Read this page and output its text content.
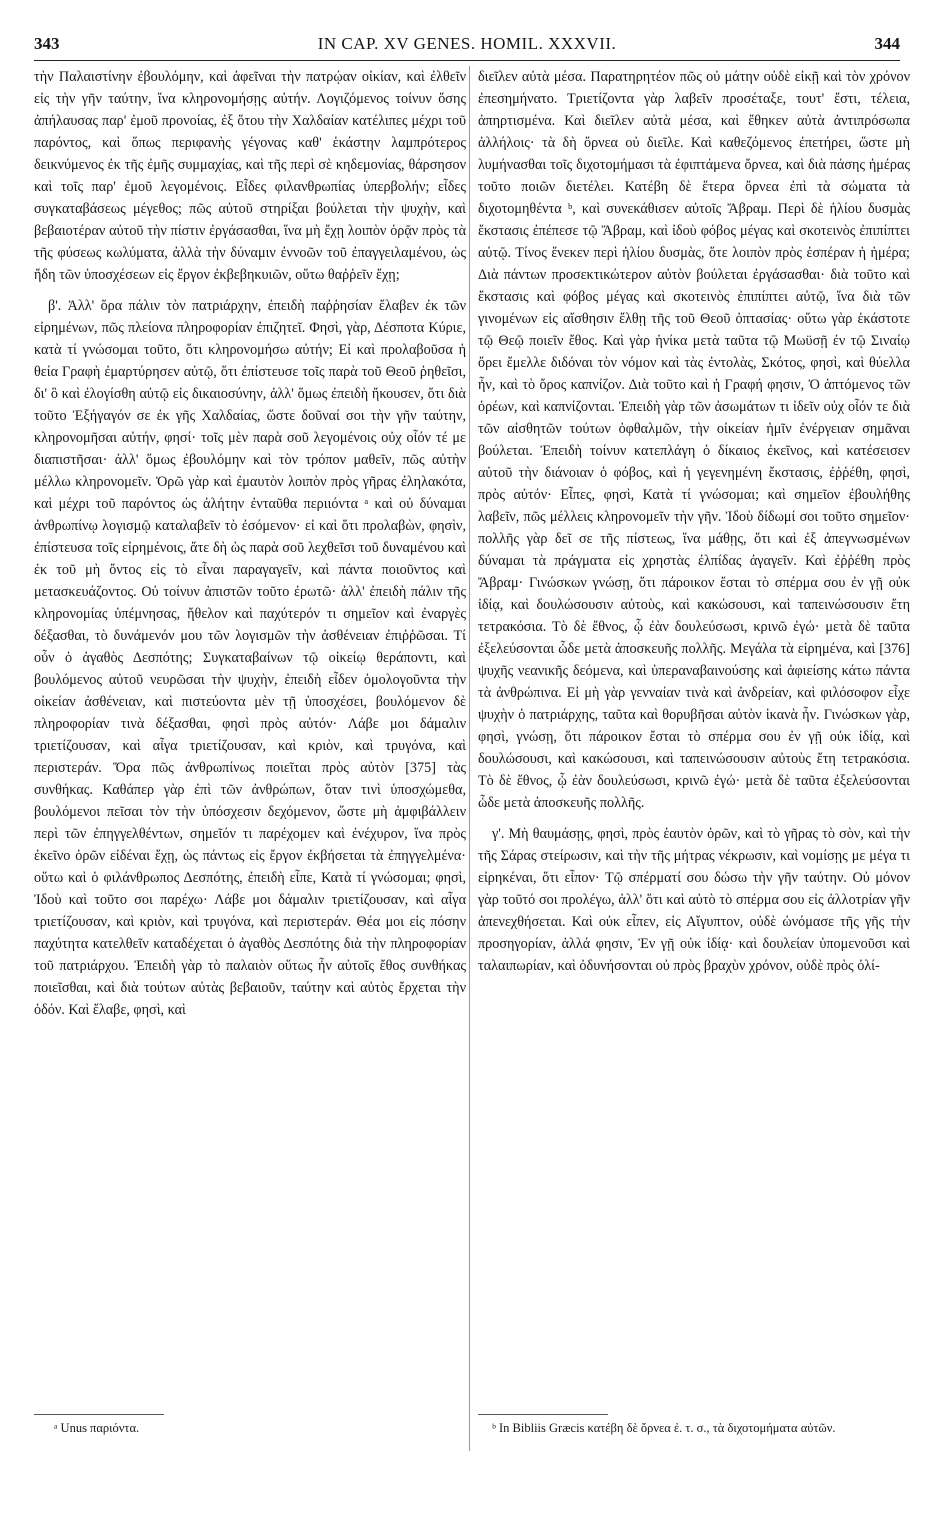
343	IN CAP. XV GENES. HOMIL. XXXVII.	344

τὴν Παλαιστίνην ἐβουλόμην, καὶ ἀφεῖναι τὴν πατρῴαν οἰκίαν, καὶ ἐλθεῖν εἰς τὴν γῆν ταύτην, ἵνα κληρονομήσῃς αὐτήν. Λογιζόμενος τοίνυν ὅσης ἀπήλαυσας παρ' ἐμοῦ προνοίας, ἐξ ὅτου τὴν Χαλδαίαν κατέλιπες μέχρι τοῦ παρόντος, καὶ ὅπως περιφανὴς γέγονας καθ' ἑκάστην λαμπρότερος δεικνύμενος ἐκ τῆς ἐμῆς συμμαχίας, καὶ τῆς περὶ σὲ κηδεμονίας, θάρσησον καὶ τοῖς παρ' ἐμοῦ λεγομένοις. Εἶδες φιλανθρωπίας ὑπερβολήν; εἶδες συγκαταβάσεως μέγεθος; πῶς αὐτοῦ στηρίξαι βούλεται τὴν ψυχὴν, καὶ βεβαιοτέραν αὐτοῦ τὴν πίστιν ἐργάσασθαι, ἵνα μὴ ἔχῃ λοιπὸν ὁρᾷν πρὸς τὰ τῆς φύσεως κωλύματα, ἀλλὰ τὴν δύναμιν ἐννοῶν τοῦ ἐπαγγειλαμένου, ὡς ἤδη τῶν ὑποσχέσεων εἰς ἔργον ἐκβεβηκυιῶν, οὕτω θαῤῥεῖν ἔχῃ;

β'. Ἀλλ' ὅρα πάλιν τὸν πατριάρχην, ἐπειδὴ παῤῥησίαν ἔλαβεν ἐκ τῶν εἰρημένων, πῶς πλείονα πληροφορίαν ἐπιζητεῖ. Φησὶ, γὰρ, Δέσποτα Κύριε, κατὰ τί γνώσομαι τοῦτο, ὅτι κληρονομήσω αὐτήν; Εἰ καὶ προλαβοῦσα ἡ θεία Γραφὴ ἐμαρτύρησεν αὐτῷ, ὅτι ἐπίστευσε τοῖς παρὰ τοῦ Θεοῦ ῥηθεῖσι, δι' ὃ καὶ ἐλογίσθη αὐτῷ εἰς δικαιοσύνην, ἀλλ' ὅμως ἐπειδὴ ἤκουσεν, ὅτι διὰ τοῦτο Ἐξήγαγόν σε ἐκ γῆς Χαλδαίας, ὥστε δοῦναί σοι τὴν γῆν ταύτην, κληρονομῆσαι αὐτήν, φησί· τοῖς μὲν παρὰ σοῦ λεγομένοις οὐχ οἷόν τέ με διαπιστῆσαι· ἀλλ' ὅμως ἐβουλόμην καὶ τὸν τρόπον μαθεῖν, πῶς αὐτὴν μέλλω κληρονομεῖν. Ὁρῶ γὰρ καὶ ἐμαυτὸν λοιπὸν πρὸς γῆρας ἐληλακότα, καὶ μέχρι τοῦ παρόντος ὡς ἀλήτην ἐνταῦθα περιιόντα ᵃ καὶ οὐ δύναμαι ἀνθρωπίνῳ λογισμῷ καταλαβεῖν τὸ ἐσόμενον· εἰ καὶ ὅτι προλαβὼν, φησὶν, ἐπίστευσα τοῖς εἰρημένοις, ἅτε δὴ ὡς παρὰ σοῦ λεχθεῖσι τοῦ δυναμένου καὶ ἐκ τοῦ μὴ ὄντος εἰς τὸ εἶναι παραγαγεῖν, καὶ πάντα ποιοῦντος καὶ μετασκευάζοντος. Οὐ τοίνυν ἀπιστῶν τοῦτο ἐρωτῶ· ἀλλ' ἐπειδὴ πάλιν τῆς κληρονομίας ὑπέμνησας, ἤθελον καὶ παχύτερόν τι σημεῖον καὶ ἐναργὲς δέξασθαι, τὸ δυνάμενόν μου τῶν λογισμῶν τὴν ἀσθένειαν ἐπιῤῥῶσαι. Τί οὖν ὁ ἀγαθὸς Δεσπότης; Συγκαταβαίνων τῷ οἰκείῳ θεράποντι, καὶ βουλόμενος αὐτοῦ νευρῶσαι τὴν ψυχὴν, ἐπειδὴ εἶδεν ὁμολογοῦντα τὴν οἰκείαν ἀσθένειαν, καὶ πιστεύοντα μὲν τῇ ὑποσχέσει, βουλόμενον δὲ πληροφορίαν τινὰ δέξασθαι, φησὶ πρὸς αὐτόν· Λάβε μοι δάμαλιν τριετίζουσαν, καὶ αἶγα τριετίζουσαν, καὶ κριὸν, καὶ τρυγόνα, καὶ περιστεράν. Ὅρα πῶς ἀνθρωπίνως ποιεῖται πρὸς αὐτὸν [375] τὰς συνθήκας. Καθάπερ γὰρ ἐπὶ τῶν ἀνθρώπων, ὅταν τινὶ ὑποσχώμεθα, βουλόμενοι πεῖσαι τὸν τὴν ὑπόσχεσιν δεχόμενον, ὥστε μὴ ἀμφιβάλλειν περὶ τῶν ἐπηγγελθέντων, σημεῖόν τι παρέχομεν καὶ ἐνέχυρον, ἵνα πρὸς ἐκεῖνο ὁρῶν εἰδέναι ἔχῃ, ὡς πάντως εἰς ἔργον ἐκβήσεται τὰ ἐπηγγελμένα· οὕτω καὶ ὁ φιλάνθρωπος Δεσπότης, ἐπειδὴ εἶπε, Κατὰ τί γνώσομαι; φησὶ, Ἰδοὺ καὶ τοῦτο σοι παρέχω· Λάβε μοι δάμαλιν τριετίζουσαν, καὶ αἶγα τριετίζουσαν, καὶ κριὸν, καὶ τρυγόνα, καὶ περιστεράν. Θέα μοι εἰς πόσην παχύτητα κατελθεῖν καταδέχεται ὁ ἀγαθὸς Δεσπότης διὰ τὴν πληροφορίαν τοῦ πατριάρχου. Ἐπειδὴ γὰρ τὸ παλαιὸν οὕτως ἦν αὐτοῖς ἔθος συνθήκας ποιεῖσθαι, καὶ διὰ τούτων αὐτὰς βεβαιοῦν, ταύτην καὶ αὐτὸς ἔρχεται τὴν ὁδόν. Καὶ ἔλαβε, φησὶ, καὶ

διεῖλεν αὐτὰ μέσα. Παρατηρητέον πῶς οὐ μάτην οὐδὲ εἰκῇ καὶ τὸν χρόνον ἐπεσημήνατο. Τριετίζοντα γὰρ λαβεῖν προσέταξε, τουτ' ἔστι, τέλεια, ἀπηρτισμένα. Καὶ διεῖλεν αὐτὰ μέσα, καὶ ἔθηκεν αὐτὰ ἀντιπρόσωπα ἀλλήλοις· τὰ δὴ ὄρνεα οὐ διεῖλε. Καὶ καθεζόμενος ἐπετήρει, ὥστε μὴ λυμήνασθαι τοῖς διχοτομήμασι τὰ ἐφιπτάμενα ὄρνεα, καὶ διὰ πάσης ἡμέρας τοῦτο ποιῶν διετέλει. Κατέβη δὲ ἕτερα ὄρνεα ἐπὶ τὰ σώματα τὰ διχοτομηθέντα ᵇ, καὶ συνεκάθισεν αὐτοῖς Ἄβραμ. Περὶ δὲ ἡλίου δυσμὰς ἔκστασις ἐπέπεσε τῷ Ἄβραμ, καὶ ἰδοὺ φόβος μέγας καὶ σκοτεινὸς ἐπιπίπτει αὐτῷ. Τίνος ἕνεκεν περὶ ἡλίου δυσμὰς, ὅτε λοιπὸν πρὸς ἑσπέραν ἡ ἡμέρα; Διὰ πάντων προσεκτικώτερον αὐτὸν βούλεται ἐργάσασθαι· διὰ τοῦτο καὶ ἔκστασις καὶ φόβος μέγας καὶ σκοτεινὸς ἐπιπίπτει αὐτῷ, ἵνα διὰ τῶν γινομένων εἰς αἴσθησιν ἔλθῃ τῆς τοῦ Θεοῦ ὀπτασίας· οὕτω γὰρ ἑκάστοτε τῷ Θεῷ ποιεῖν ἔθος. Καὶ γὰρ ἡνίκα μετὰ ταῦτα τῷ Μωϋσῇ ἐν τῷ Σιναίῳ ὄρει ἔμελλε διδόναι τὸν νόμον καὶ τὰς ἐντολὰς, Σκότος, φησὶ, καὶ θύελλα ἦν, καὶ τὸ ὄρος καπνίζον. Διὰ τοῦτο καὶ ἡ Γραφή φησιν, Ὁ ἁπτόμενος τῶν ὀρέων, καὶ καπνίζονται. Ἐπειδὴ γὰρ τῶν ἀσωμάτων τι ἰδεῖν οὐχ οἷόν τε διὰ τῶν αἰσθητῶν τούτων ὀφθαλμῶν, τὴν οἰκείαν ἡμῖν ἐνέργειαν σημᾶναι βούλεται. Ἐπειδὴ τοίνυν κατεπλάγη ὁ δίκαιος ἐκεῖνος, καὶ κατέσεισεν αὐτοῦ τὴν διάνοιαν ὁ φόβος, καὶ ἡ γεγενημένη ἔκστασις, ἐῤῥέθη, φησὶ, πρὸς αὐτόν· Εἶπες, φησὶ, Κατὰ τί γνώσομαι; καὶ σημεῖον ἐβουλήθης λαβεῖν, πῶς μέλλεις κληρονομεῖν τὴν γῆν. Ἰδοὺ δίδωμί σοι τοῦτο σημεῖον· πολλῆς γὰρ δεῖ σε τῆς πίστεως, ἵνα μάθῃς, ὅτι καὶ ἐξ ἀπεγνωσμένων δύναμαι τὰ πράγματα εἰς χρηστὰς ἐλπίδας ἀγαγεῖν. Καὶ ἐῤῥέθη πρὸς Ἄβραμ· Γινώσκων γνώσῃ, ὅτι πάροικον ἔσται τὸ σπέρμα σου ἐν γῇ οὐκ ἰδίᾳ, καὶ δουλώσουσιν αὐτοὺς, καὶ κακώσουσι, καὶ ταπεινώσουσιν ἔτη τετρακόσια. Τὸ δὲ ἔθνος, ᾧ ἐὰν δουλεύσωσι, κρινῶ ἐγώ· μετὰ δὲ ταῦτα ἐξελεύσονται ὧδε μετὰ ἀποσκευῆς πολλῆς. Μεγάλα τὰ εἰρημένα, καὶ [376] ψυχῆς νεανικῆς δεόμενα, καὶ ὑπεραναβαινούσης καὶ ἀφιείσης κάτω πάντα τὰ ἀνθρώπινα. Εἰ μὴ γὰρ γενναίαν τινὰ καὶ ἀνδρείαν, καὶ φιλόσοφον εἶχε ψυχὴν ὁ πατριάρχης, ταῦτα καὶ θορυβῆσαι αὐτὸν ἱκανὰ ἦν. Γινώσκων γὰρ, φησὶ, γνώσῃ, ὅτι πάροικον ἔσται τὸ σπέρμα σου ἐν γῇ οὐκ ἰδίᾳ, καὶ δουλώσουσι, καὶ κακώσουσι, καὶ ταπεινώσουσιν αὐτοὺς ἔτη τετρακόσια. Τὸ δὲ ἔθνος, ᾧ ἐὰν δουλεύσωσι, κρινῶ ἐγώ· μετὰ δὲ ταῦτα ἐξελεύσονται ὧδε μετὰ ἀποσκευῆς πολλῆς.

γ'. Μὴ θαυμάσῃς, φησὶ, πρὸς ἑαυτὸν ὁρῶν, καὶ τὸ γῆρας τὸ σὸν, καὶ τὴν τῆς Σάρας στείρωσιν, καὶ τὴν τῆς μήτρας νέκρωσιν, καὶ νομίσῃς με μέγα τι εἰρηκέναι, ὅτι εἶπον· Τῷ σπέρματί σου δώσω τὴν γῆν ταύτην. Οὐ μόνον γὰρ τοῦτό σοι προλέγω, ἀλλ' ὅτι καὶ αὐτὸ τὸ σπέρμα σου εἰς ἀλλοτρίαν γῆν ἀπενεχθήσεται. Καὶ οὐκ εἶπεν, εἰς Αἴγυπτον, οὐδὲ ὠνόμασε τῆς γῆς τὴν προσηγορίαν, ἀλλά φησιν, Ἐν γῇ οὐκ ἰδίᾳ· καὶ δουλείαν ὑπομενοῦσι καὶ ταλαιπωρίαν, καὶ ὀδυνήσονται οὐ πρὸς βραχὺν χρόνον, οὐδὲ πρὸς ὀλί-

ᵃ Unus παριόντα.	ᵇ In Bibliis Græcis κατέβη δὲ ὄρνεα ἐ. τ. σ., τὰ διχοτομήματα αὐτῶν.
